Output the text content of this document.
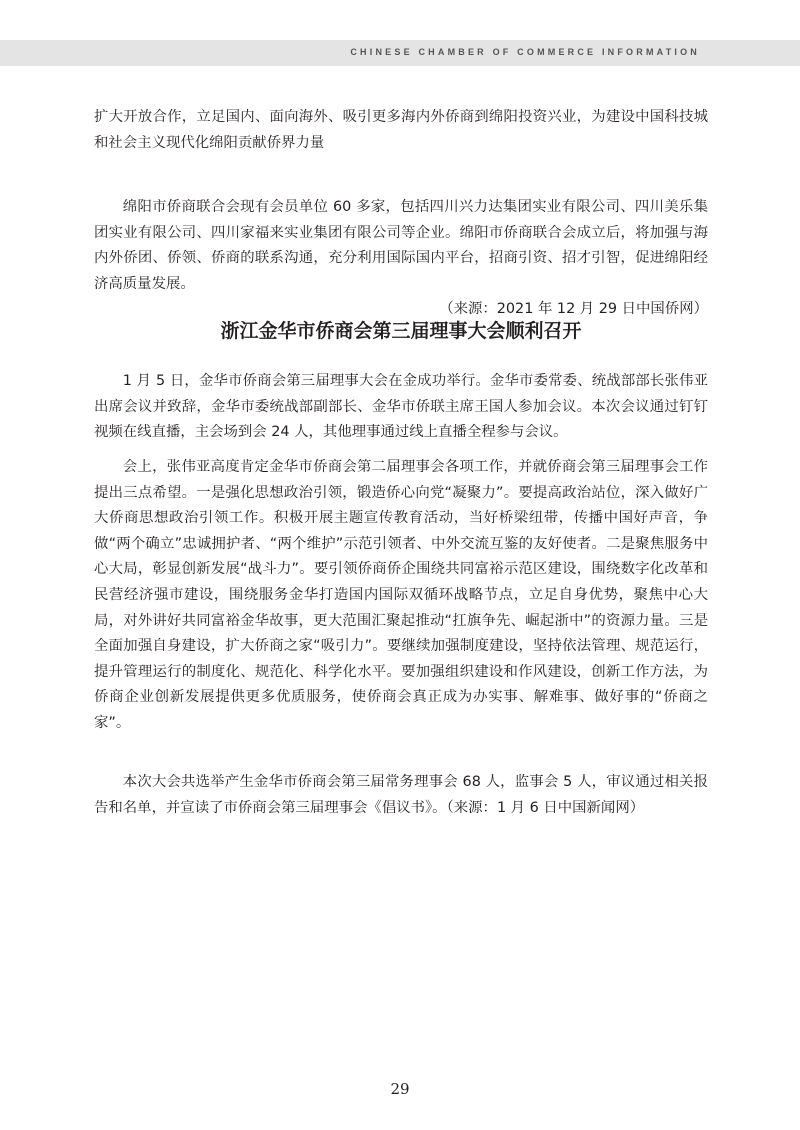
CHINESE CHAMBER OF COMMERCE INFORMATION

扩大开放合作，立足国内、面向海外、吸引更多海内外侨商到绵阳投资兴业，为建设中国科技城和社会主义现代化绵阳贡献侨界力量

绵阳市侨商联合会现有会员单位 60 多家，包括四川兴力达集团实业有限公司、四川美乐集团实业有限公司、四川家福来实业集团有限公司等企业。绵阳市侨商联合会成立后，将加强与海内外侨团、侨领、侨商的联系沟通，充分利用国际国内平台，招商引资、招才引智，促进绵阳经济高质量发展。
（来源：2021 年 12 月 29 日中国侨网）

浙江金华市侨商会第三届理事大会顺利召开

1 月 5 日，金华市侨商会第三届理事大会在金成功举行。金华市委常委、统战部部长张伟亚出席会议并致辞，金华市委统战部副部长、金华市侨联主席王国人参加会议。本次会议通过钉钉视频在线直播，主会场到会 24 人，其他理事通过线上直播全程参与会议。

会上，张伟亚高度肯定金华市侨商会第二届理事会各项工作，并就侨商会第三届理事会工作提出三点希望。一是强化思想政治引领，锻造侨心向党“凝聚力”。要提高政治站位，深入做好广大侨商思想政治引领工作。积极开展主题宣传教育活动，当好桥梁纽带，传播中国好声音，争做“两个确立”忠诚拥护者、“两个维护”示范引领者、中外交流互鉴的友好使者。二是聚焦服务中心大局，彰显创新发展“战斗力”。要引领侨商侨企围绕共同富裕示范区建设，围绕数字化改革和民营经济强市建设，围绕服务金华打造国内国际双循环战略节点，立足自身优势，聚焦中心大局，对外讲好共同富裕金华故事，更大范围汇聚起推动“扛旗争先、崛起浙中”的资源力量。三是全面加强自身建设，扩大侨商之家“吸引力”。要继续加强制度建设，坚持依法管理、规范运行，提升管理运行的制度化、规范化、科学化水平。要加强组织建设和作风建设，创新工作方法，为侨商企业创新发展提供更多优质服务，使侨商会真正成为办实事、解难事、做好事的“侨商之家”。

本次大会共选举产生金华市侨商会第三届常务理事会 68 人，监事会 5 人，审议通过相关报告和名单，并宣读了市侨商会第三届理事会《倡议书》。（来源：1 月 6 日中国新闻网）

29
